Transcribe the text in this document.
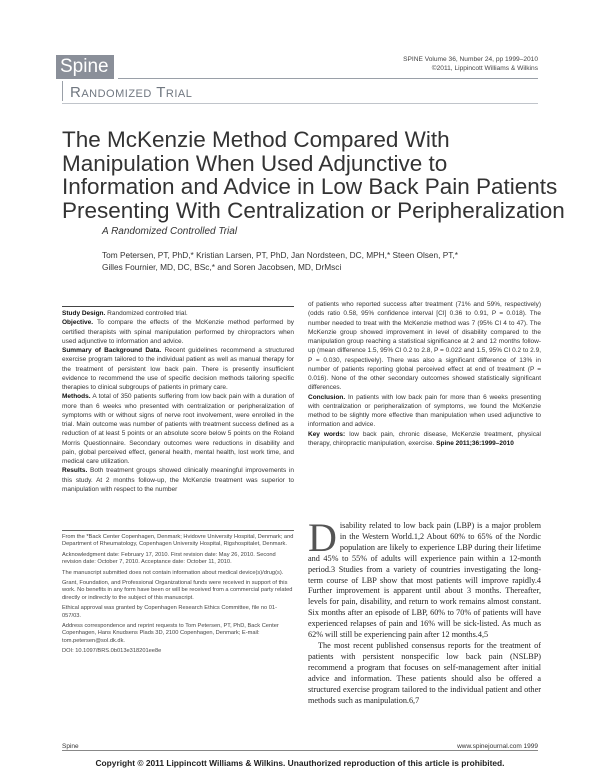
Spine	SPINE Volume 36, Number 24, pp 1999–2010
©2011, Lippincott Williams & Wilkins
Randomized Trial
The McKenzie Method Compared With
Manipulation When Used Adjunctive to
Information and Advice in Low Back Pain Patients
Presenting With Centralization or Peripheralization
A Randomized Controlled Trial
Tom Petersen, PT, PhD,* Kristian Larsen, PT, PhD, Jan Nordsteen, DC, MPH,* Steen Olsen, PT,*
Gilles Fournier, MD, DC, BSc,* and Soren Jacobsen, MD, DrMsci

Study Design. Randomized controlled trial.

Objective. To compare the effects of the McKenzie method performed by certified therapists with spinal manipulation performed by chiropractors when used adjunctive to information and advice.

Summary of Background Data. Recent guidelines recommend a structured exercise program tailored to the individual patient as well as manual therapy for the treatment of persistent low back pain. There is presently insufficient evidence to recommend the use of specific decision methods tailoring specific therapies to clinical subgroups of patients in primary care.

Methods. A total of 350 patients suffering from low back pain with a duration of more than 6 weeks who presented with centralization or peripheralization of symptoms with or without signs of nerve root involvement, were enrolled in the trial. Main outcome was number of patients with treatment success defined as a reduction of at least 5 points or an absolute score below 5 points on the Roland Morris Questionnaire. Secondary outcomes were reductions in disability and pain, global perceived effect, general health, mental health, lost work time, and medical care utilization.

Results. Both treatment groups showed clinically meaningful improvements in this study. At 2 months follow-up, the McKenzie treatment was superior to manipulation with respect to the number

of patients who reported success after treatment (71% and 59%, respectively) (odds ratio 0.58, 95% confidence interval [CI] 0.36 to 0.91, P = 0.018). The number needed to treat with the McKenzie method was 7 (95% CI 4 to 47). The McKenzie group showed improvement in level of disability compared to the manipulation group reaching a statistical significance at 2 and 12 months follow-up (mean difference 1.5, 95% CI 0.2 to 2.8, P = 0.022 and 1.5, 95% CI 0.2 to 2.9, P = 0.030, respectively). There was also a significant difference of 13% in number of patients reporting global perceived effect at end of treatment (P = 0.016). None of the other secondary outcomes showed statistically significant differences.

Conclusion. In patients with low back pain for more than 6 weeks presenting with centralization or peripheralization of symptoms, we found the McKenzie method to be slightly more effective than manipulation when used adjunctive to information and advice.

Key words: low back pain, chronic disease, McKenzie treatment, physical therapy, chiropractic manipulation, exercise. Spine 2011;36:1999–2010

From the *Back Center Copenhagen, Denmark; Hvidovre University Hospital, Denmark; and Department of Rheumatology, Copenhagen University Hospital, Rigshospitalet, Denmark.

Acknowledgment date: February 17, 2010. First revision date: May 26, 2010. Second revision date: October 7, 2010. Acceptance date: October 11, 2010.

The manuscript submitted does not contain information about medical device(s)/drug(s).

Grant, Foundation, and Professional Organizational funds were received in support of this work. No benefits in any form have been or will be received from a commercial party related directly or indirectly to the subject of this manuscript.

Ethical approval was granted by Copenhagen Research Ethics Committee, file no 01-057/03.

Address correspondence and reprint requests to Tom Petersen, PT, PhD, Back Center Copenhagen, Hans Knudsens Plads 3D, 2100 Copenhagen, Denmark; E-mail: tom.petersen@sol.dk.dk.

DOI: 10.1097/BRS.0b013e318201ee8e

Disability related to low back pain (LBP) is a major problem in the Western World.1,2 About 60% to 65% of the Nordic population are likely to experience LBP during their lifetime and 45% to 55% of adults will experience pain within a 12-month period.3 Studies from a variety of countries investigating the long-term course of LBP show that most patients will improve rapidly.4 Further improvement is apparent until about 3 months. Thereafter, levels for pain, disability, and return to work remains almost constant. Six months after an episode of LBP, 60% to 70% of patients will have experienced relapses of pain and 16% will be sick-listed. As much as 62% will still be experiencing pain after 12 months.4,5

The most recent published consensus reports for the treatment of patients with persistent nonspecific low back pain (NSLBP) recommend a program that focuses on self-management after initial advice and information. These patients should also be offered a structured exercise program tailored to the individual patient and other methods such as manipulation.6,7

Spine	www.spinejournal.com 1999
Copyright © 2011 Lippincott Williams & Wilkins. Unauthorized reproduction of this article is prohibited.
